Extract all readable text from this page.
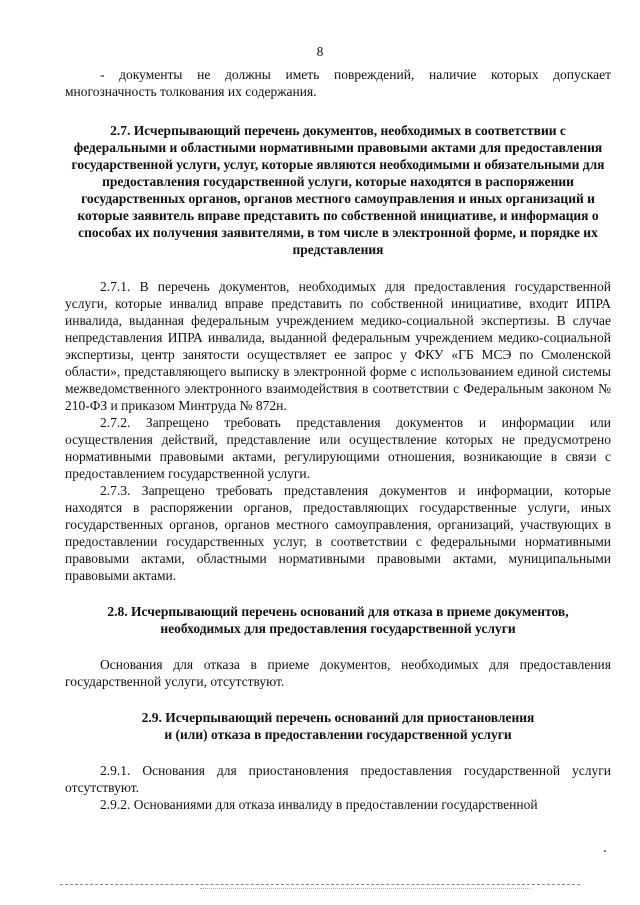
8

- документы не должны иметь повреждений, наличие которых допускает многозначность толкования их содержания.

2.7. Исчерпывающий перечень документов, необходимых в соответствии с федеральными и областными нормативными правовыми актами для предоставления государственной услуги, услуг, которые являются необходимыми и обязательными для предоставления государственной услуги, которые находятся в распоряжении государственных органов, органов местного самоуправления и иных организаций и которые заявитель вправе представить по собственной инициативе, и информация о способах их получения заявителями, в том числе в электронной форме, и порядке их представления

2.7.1. В перечень документов, необходимых для предоставления государственной услуги, которые инвалид вправе представить по собственной инициативе, входит ИПРА инвалида, выданная федеральным учреждением медико-социальной экспертизы. В случае непредставления ИПРА инвалида, выданной федеральным учреждением медико-социальной экспертизы, центр занятости осуществляет ее запрос у ФКУ «ГБ МСЭ по Смоленской области», представляющего выписку в электронной форме с использованием единой системы межведомственного электронного взаимодействия в соответствии с Федеральным законом № 210-ФЗ и приказом Минтруда № 872н.

2.7.2. Запрещено требовать представления документов и информации или осуществления действий, представление или осуществление которых не предусмотрено нормативными правовыми актами, регулирующими отношения, возникающие в связи с предоставлением государственной услуги.

2.7.3. Запрещено требовать представления документов и информации, которые находятся в распоряжении органов, предоставляющих государственные услуги, иных государственных органов, органов местного самоуправления, организаций, участвующих в предоставлении государственных услуг, в соответствии с федеральными нормативными правовыми актами, областными нормативными правовыми актами, муниципальными правовыми актами.

2.8. Исчерпывающий перечень оснований для отказа в приеме документов, необходимых для предоставления государственной услуги

Основания для отказа в приеме документов, необходимых для предоставления государственной услуги, отсутствуют.

2.9. Исчерпывающий перечень оснований для приостановления
и (или) отказа в предоставлении государственной услуги

2.9.1. Основания для приостановления предоставления государственной услуги отсутствуют.

2.9.2. Основаниями для отказа инвалиду в предоставлении государственной
